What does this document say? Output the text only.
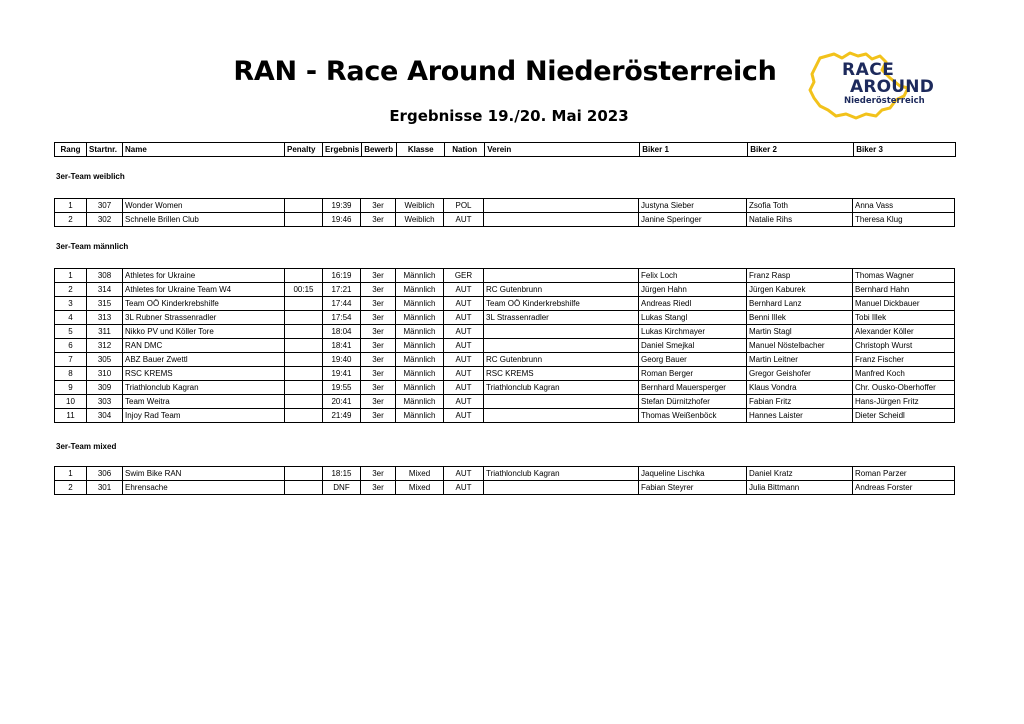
RAN - Race Around Niederösterreich
Ergebnisse 19./20. Mai 2023
RACE
AROUND
Niederösterreich
Rang	Startnr.	Name	Penalty	Ergebnis	Bewerb	Klasse	Nation	Verein	Biker 1	Biker 2	Biker 3
3er-Team weiblich
1	307	Wonder Women		19:39	3er	Weiblich	POL		Justyna Sieber	Zsofia Toth	Anna Vass
2	302	Schnelle Brillen Club		19:46	3er	Weiblich	AUT		Janine Speringer	Natalie Rihs	Theresa Klug
3er-Team männlich
1	308	Athletes for Ukraine		16:19	3er	Männlich	GER		Felix Loch	Franz Rasp	Thomas Wagner
2	314	Athletes for Ukraine Team W4	00:15	17:21	3er	Männlich	AUT	RC Gutenbrunn	Jürgen Hahn	Jürgen Kaburek	Bernhard Hahn
3	315	Team OÖ Kinderkrebshilfe		17:44	3er	Männlich	AUT	Team OÖ Kinderkrebshilfe	Andreas Riedl	Bernhard Lanz	Manuel Dickbauer
4	313	3L Rubner Strassenradler		17:54	3er	Männlich	AUT	3L Strassenradler	Lukas Stangl	Benni Illek	Tobi Illek
5	311	Nikko PV und Köller Tore		18:04	3er	Männlich	AUT		Lukas Kirchmayer	Martin Stagl	Alexander Köller
6	312	RAN DMC		18:41	3er	Männlich	AUT		Daniel Smejkal	Manuel Nöstelbacher	Christoph Wurst
7	305	ABZ Bauer Zwettl		19:40	3er	Männlich	AUT	RC Gutenbrunn	Georg Bauer	Martin Leitner	Franz Fischer
8	310	RSC KREMS		19:41	3er	Männlich	AUT	RSC KREMS	Roman Berger	Gregor Geishofer	Manfred Koch
9	309	Triathlonclub Kagran		19:55	3er	Männlich	AUT	Triathlonclub Kagran	Bernhard Mauersperger	Klaus Vondra	Chr. Ousko-Oberhoffer
10	303	Team Weitra		20:41	3er	Männlich	AUT		Stefan Dürnitzhofer	Fabian Fritz	Hans-Jürgen Fritz
11	304	Injoy Rad Team		21:49	3er	Männlich	AUT		Thomas Weißenböck	Hannes Laister	Dieter Scheidl
3er-Team mixed
1	306	Swim Bike RAN		18:15	3er	Mixed	AUT	Triathlonclub Kagran	Jaqueline Lischka	Daniel Kratz	Roman Parzer
2	301	Ehrensache		DNF	3er	Mixed	AUT		Fabian Steyrer	Julia Bittmann	Andreas Forster
